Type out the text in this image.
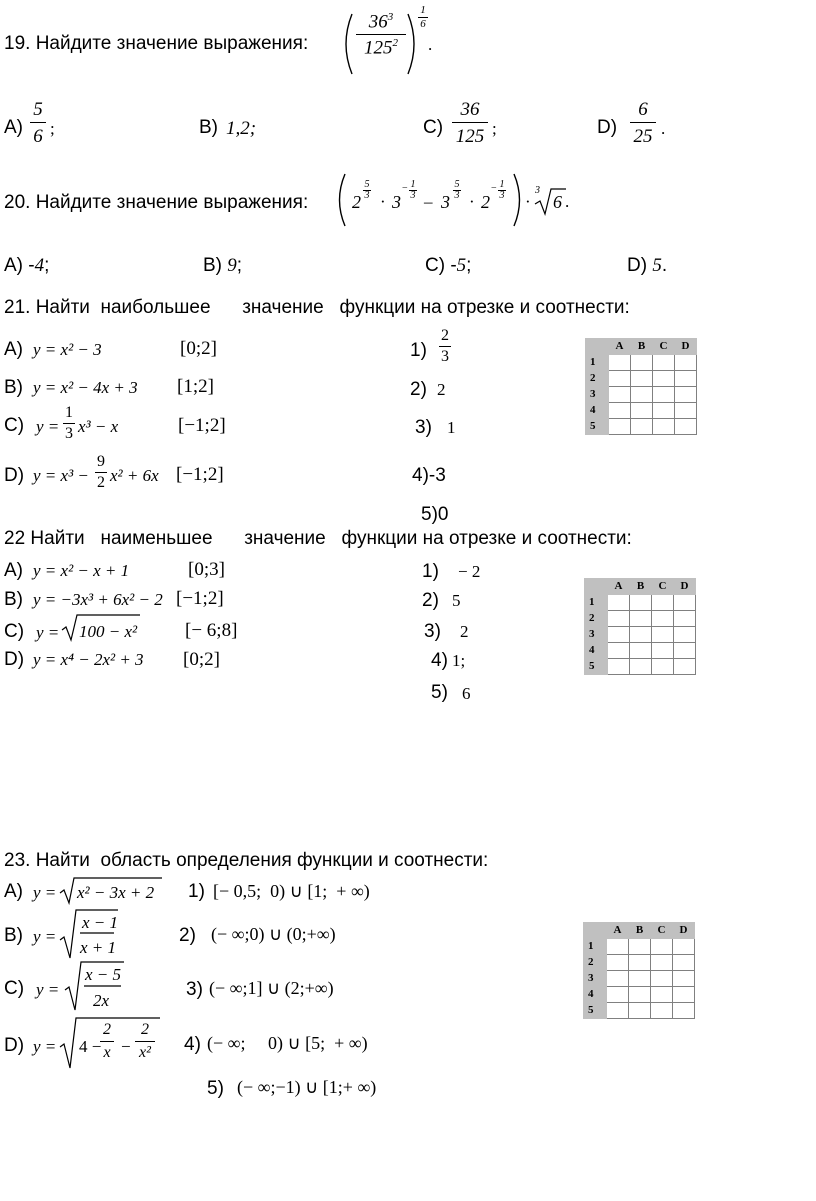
19. Найдите значение выражения:	$\frac{36^3}{125^2} \frac{1}{6}$
.
$A) \frac{5}{6}$ ;	B) 1,2;	$C) \frac{36}{125}$ ;	$D) \frac{6}{25}$ .
20. Найдите значение выражения: 2
$\frac{5}{3}$
· 3
− $\frac{1}{3}$
– 3
$\frac{5}{3}$
· 2
− $\frac{1}{3}$
·
3
6 .
A) -4;	B) 9;	C) -5;	D) 5.
21. Найти  наибольшее      значение   функции на отрезке и соотнести:
A) y = x² − 3	[0;2]
B) y = x² − 4x + 3 [1;2]
C) $y = \frac{1}{3} x^3 - x$	[−1;2]
D) $y = x^3 - \frac{9}{2} x^2 + 6x$ [−1;2]
$1) \frac{2}{3}$
2) 2
3) 1
4)-3
5)0
	A	B	C	D
1				
2				
3				
4				
5				
22 Найти   наименьшее      значение   функции на отрезке и соотнести:
A) y = x² − x + 1	[0;3]
B) y = −3x³ + 6x² − 2 [−1;2]
C) y = 100 − x²	[− 6;8]
D) y = x⁴ − 2x² + 3 [0;2]
1) − 2
2) 5
3) 2
4) 1;
5) 6
	A	B	C	D
1				
2				
3				
4				
5				
23. Найти  область определения функции и соотнести:
A) y = x² − 3x + 2
B) y =
x − 1
x + 1
C) y =
x − 5
2x
D) y = 4 −
$\frac{2}{x} - \frac{2}{\text{x²}}$
1) [− 0,5;  0) ∪ [1;  + ∞)
2) (− ∞;0) ∪ (0;+∞)
3) (− ∞;1] ∪ (2;+∞)
4) (− ∞;     0) ∪ [5;  + ∞)
5) (− ∞;−1) ∪ [1;+ ∞)
	A	B	C	D
1				
2				
3				
4				
5				
